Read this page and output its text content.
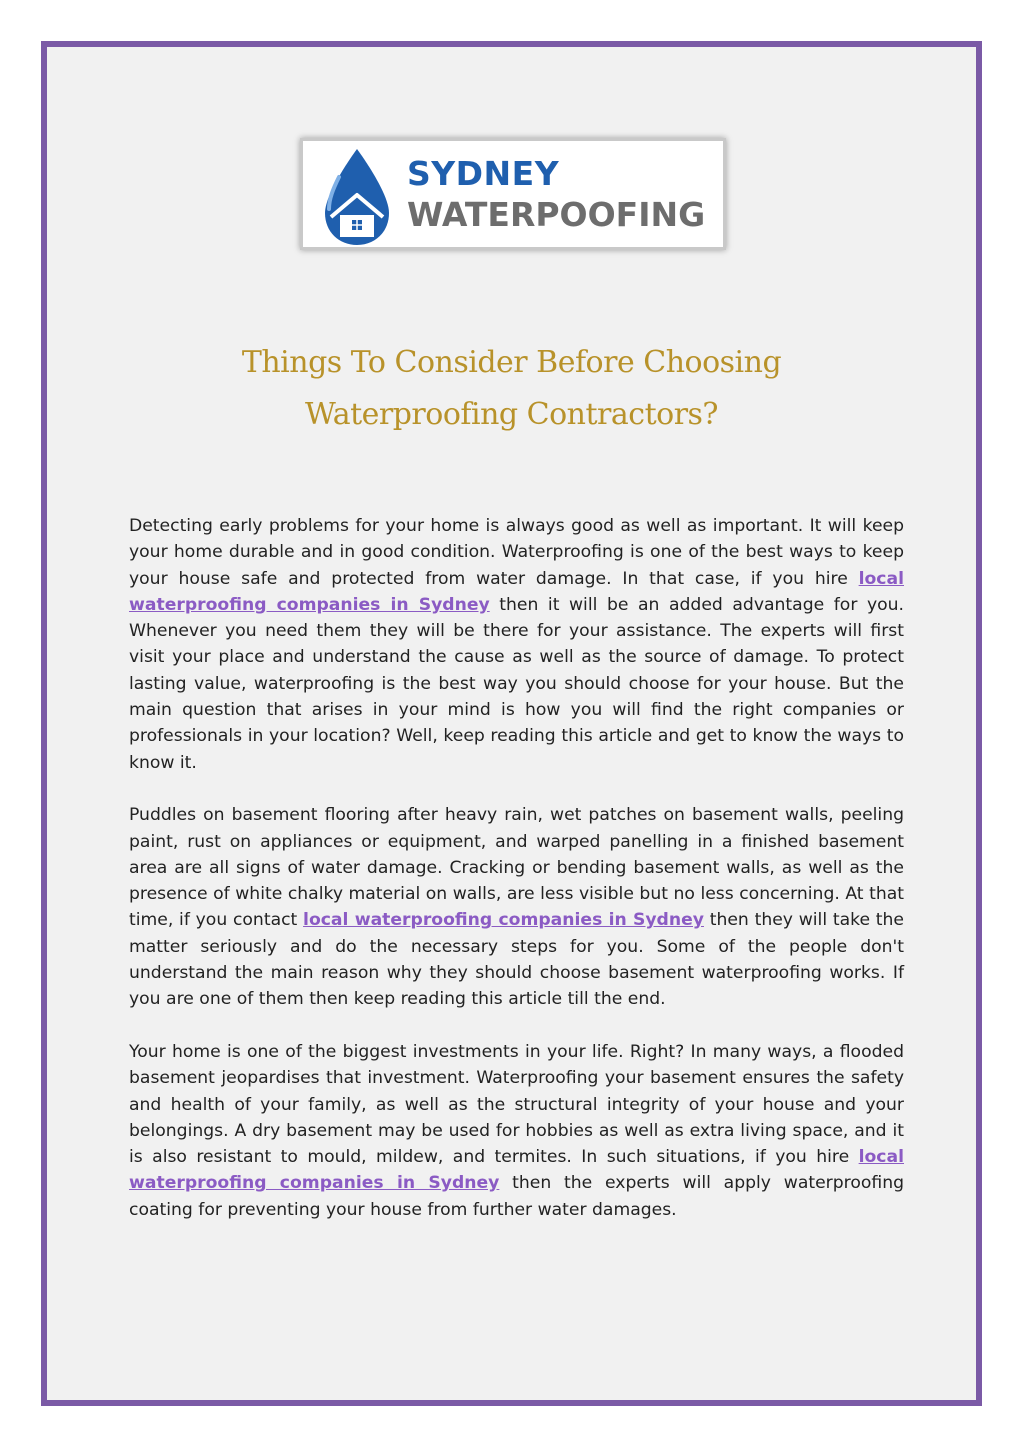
SYDNEY
WATERPOOFING
Things To Consider Before Choosing
Waterproofing Contractors?

Detecting early problems for your home is always good as well as important. It will keep your home durable and in good condition. Waterproofing is one of the best ways to keep your house safe and protected from water damage. In that case, if you hire local waterproofing companies in Sydney then it will be an added advantage for you. Whenever you need them they will be there for your assistance. The experts will first visit your place and understand the cause as well as the source of damage. To protect lasting value, waterproofing is the best way you should choose for your house. But the main question that arises in your mind is how you will find the right companies or professionals in your location? Well, keep reading this article and get to know the ways to know it.

Puddles on basement flooring after heavy rain, wet patches on basement walls, peeling paint, rust on appliances or equipment, and warped panelling in a finished basement area are all signs of water damage. Cracking or bending basement walls, as well as the presence of white chalky material on walls, are less visible but no less concerning. At that time, if you contact local waterproofing companies in Sydney then they will take the matter seriously and do the necessary steps for you. Some of the people don't understand the main reason why they should choose basement waterproofing works. If you are one of them then keep reading this article till the end.

Your home is one of the biggest investments in your life. Right? In many ways, a flooded basement jeopardises that investment. Waterproofing your basement ensures the safety and health of your family, as well as the structural integrity of your house and your belongings. A dry basement may be used for hobbies as well as extra living space, and it is also resistant to mould, mildew, and termites. In such situations, if you hire local waterproofing companies in Sydney then the experts will apply waterproofing coating for preventing your house from further water damages.
